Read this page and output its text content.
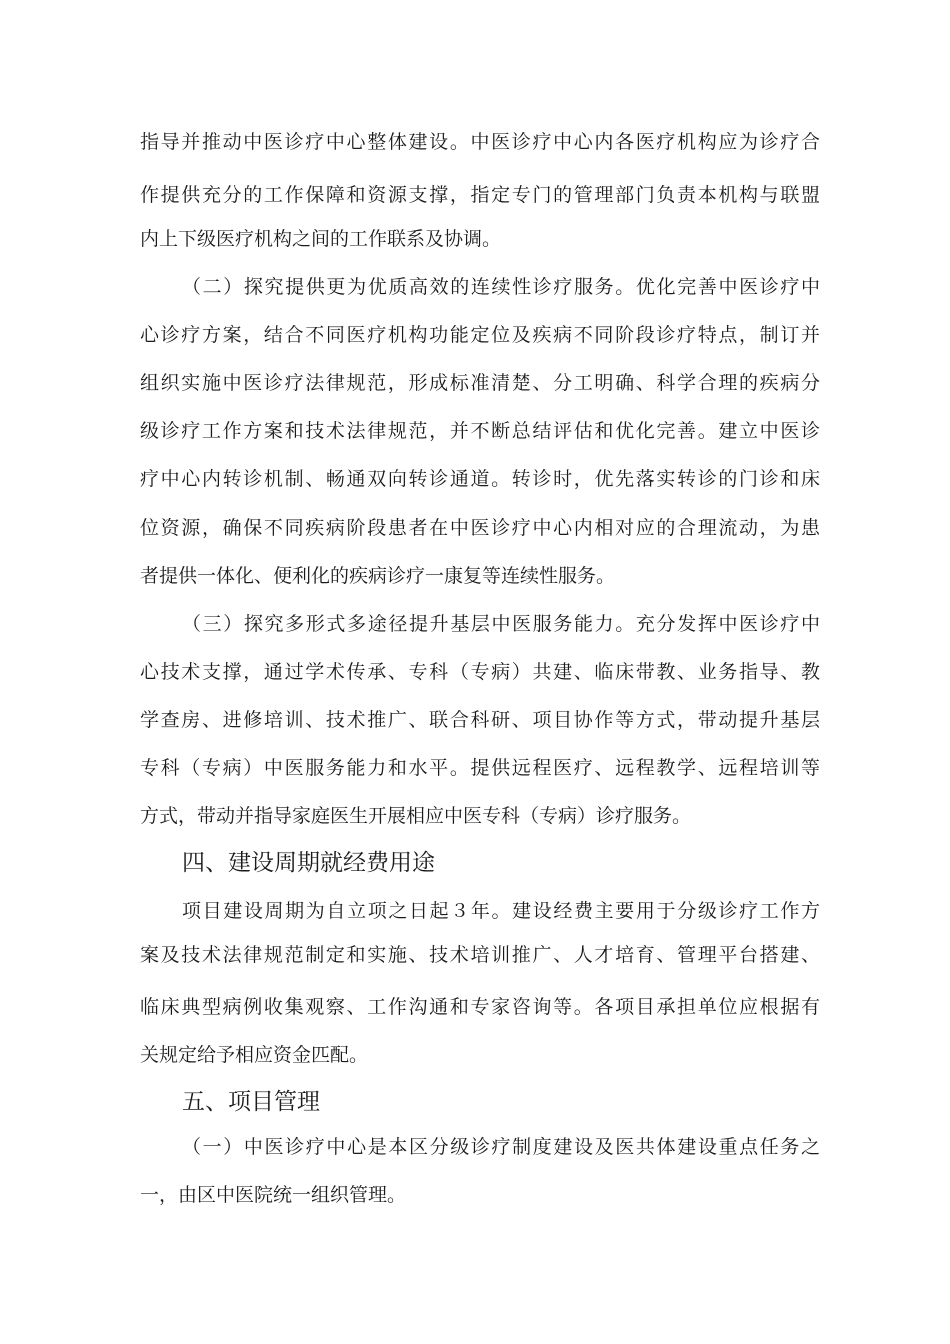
指导并推动中医诊疗中心整体建设。中医诊疗中心内各医疗机构应为诊疗合
作提供充分的工作保障和资源支撑，指定专门的管理部门负责本机构与联盟
内上下级医疗机构之间的工作联系及协调。
（二）探究提供更为优质高效的连续性诊疗服务。优化完善中医诊疗中
心诊疗方案，结合不同医疗机构功能定位及疾病不同阶段诊疗特点，制订并
组织实施中医诊疗法律规范，形成标准清楚、分工明确、科学合理的疾病分
级诊疗工作方案和技术法律规范，并不断总结评估和优化完善。建立中医诊
疗中心内转诊机制、畅通双向转诊通道。转诊时，优先落实转诊的门诊和床
位资源，确保不同疾病阶段患者在中医诊疗中心内相对应的合理流动，为患
者提供一体化、便利化的疾病诊疗一康复等连续性服务。
（三）探究多形式多途径提升基层中医服务能力。充分发挥中医诊疗中
心技术支撑，通过学术传承、专科（专病）共建、临床带教、业务指导、教
学查房、进修培训、技术推广、联合科研、项目协作等方式，带动提升基层
专科（专病）中医服务能力和水平。提供远程医疗、远程教学、远程培训等
方式，带动并指导家庭医生开展相应中医专科（专病）诊疗服务。
四、建设周期就经费用途
项目建设周期为自立项之日起３年。建设经费主要用于分级诊疗工作方
案及技术法律规范制定和实施、技术培训推广、人才培育、管理平台搭建、
临床典型病例收集观察、工作沟通和专家咨询等。各项目承担单位应根据有
关规定给予相应资金匹配。
五、项目管理
（一）中医诊疗中心是本区分级诊疗制度建设及医共体建设重点任务之
一，由区中医院统一组织管理。
